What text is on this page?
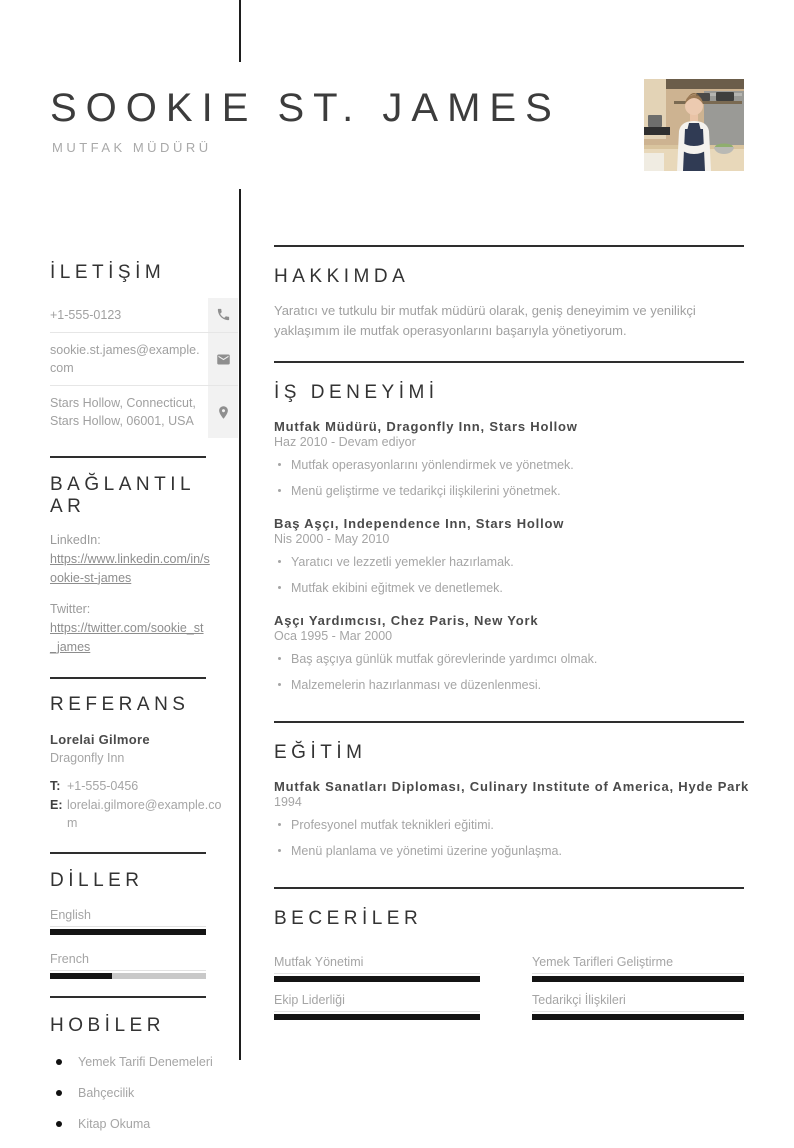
SOOKIE ST. JAMES
MUTFAK MÜDÜRÜ
İLETİŞİM
+1-555-0123
sookie.st.james@example.com
Stars Hollow, Connecticut, Stars Hollow, 06001, USA
BAĞLANTILAR
LinkedIn:
https://www.linkedin.com/in/sookie-st-james
Twitter:
https://twitter.com/sookie_st_james
REFERANS
Lorelai Gilmore
Dragonfly Inn
T: +1-555-0456
E: lorelai.gilmore@example.com
DİLLER
English
French
HOBİLER
Yemek Tarifi Denemeleri
Bahçecilik
Kitap Okuma
HAKKIMDA
Yaratıcı ve tutkulu bir mutfak müdürü olarak, geniş deneyimim ve yenilikçi yaklaşımım ile mutfak operasyonlarını başarıyla yönetiyorum.
İŞ DENEYİMİ
Mutfak Müdürü, Dragonfly Inn, Stars Hollow
Haz 2010 - Devam ediyor
Mutfak operasyonlarını yönlendirmek ve yönetmek.
Menü geliştirme ve tedarikçi ilişkilerini yönetmek.
Baş Aşçı, Independence Inn, Stars Hollow
Nis 2000 - May 2010
Yaratıcı ve lezzetli yemekler hazırlamak.
Mutfak ekibini eğitmek ve denetlemek.
Aşçı Yardımcısı, Chez Paris, New York
Oca 1995 - Mar 2000
Baş aşçıya günlük mutfak görevlerinde yardımcı olmak.
Malzemelerin hazırlanması ve düzenlenmesi.
EĞİTİM
Mutfak Sanatları Diploması, Culinary Institute of America, Hyde Park
1994
Profesyonel mutfak teknikleri eğitimi.
Menü planlama ve yönetimi üzerine yoğunlaşma.
BECERİLER
Mutfak Yönetimi	Yemek Tarifleri Geliştirme
Ekip Liderliği	Tedarikçi İlişkileri
